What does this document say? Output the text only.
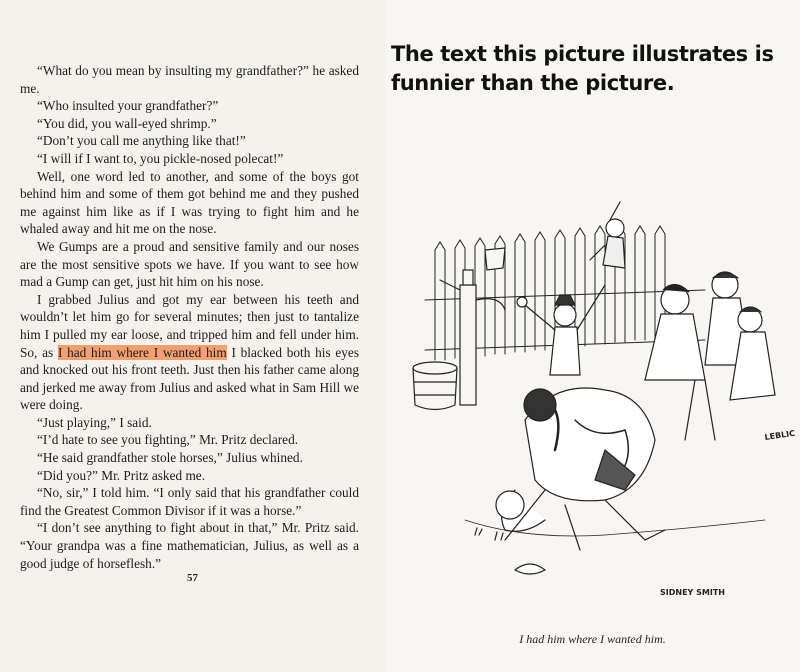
“What do you mean by insulting my grandfather?” he asked me.

“Who insulted your grandfather?”

“You did, you wall-eyed shrimp.”

“Don’t you call me anything like that!”

“I will if I want to, you pickle-nosed polecat!”

Well, one word led to another, and some of the boys got behind him and some of them got behind me and they pushed me against him like as if I was trying to fight him and he whaled away and hit me on the nose.

We Gumps are a proud and sensitive family and our noses are the most sensitive spots we have. If you want to see how mad a Gump can get, just hit him on his nose.

I grabbed Julius and got my ear between his teeth and wouldn’t let him go for several minutes; then just to tantalize him I pulled my ear loose, and tripped him and fell under him. So, as I had him where I wanted him I blacked both his eyes and knocked out his front teeth. Just then his father came along and jerked me away from Julius and asked what in Sam Hill we were doing.

“Just playing,” I said.

“I’d hate to see you fighting,” Mr. Pritz declared.

“He said grandfather stole horses,” Julius whined.

“Did you?” Mr. Pritz asked me.

“No, sir,” I told him. “I only said that his grandfather could find the Greatest Common Divisor if it was a horse.”

“I don’t see anything to fight about in that,” Mr. Pritz said. “Your grandpa was a fine mathematician, Julius, as well as a good judge of horseflesh.”

57
The text this picture illustrates is funnier than the picture.
LEBLIC
SIDNEY SMITH
I had him where I wanted him.
